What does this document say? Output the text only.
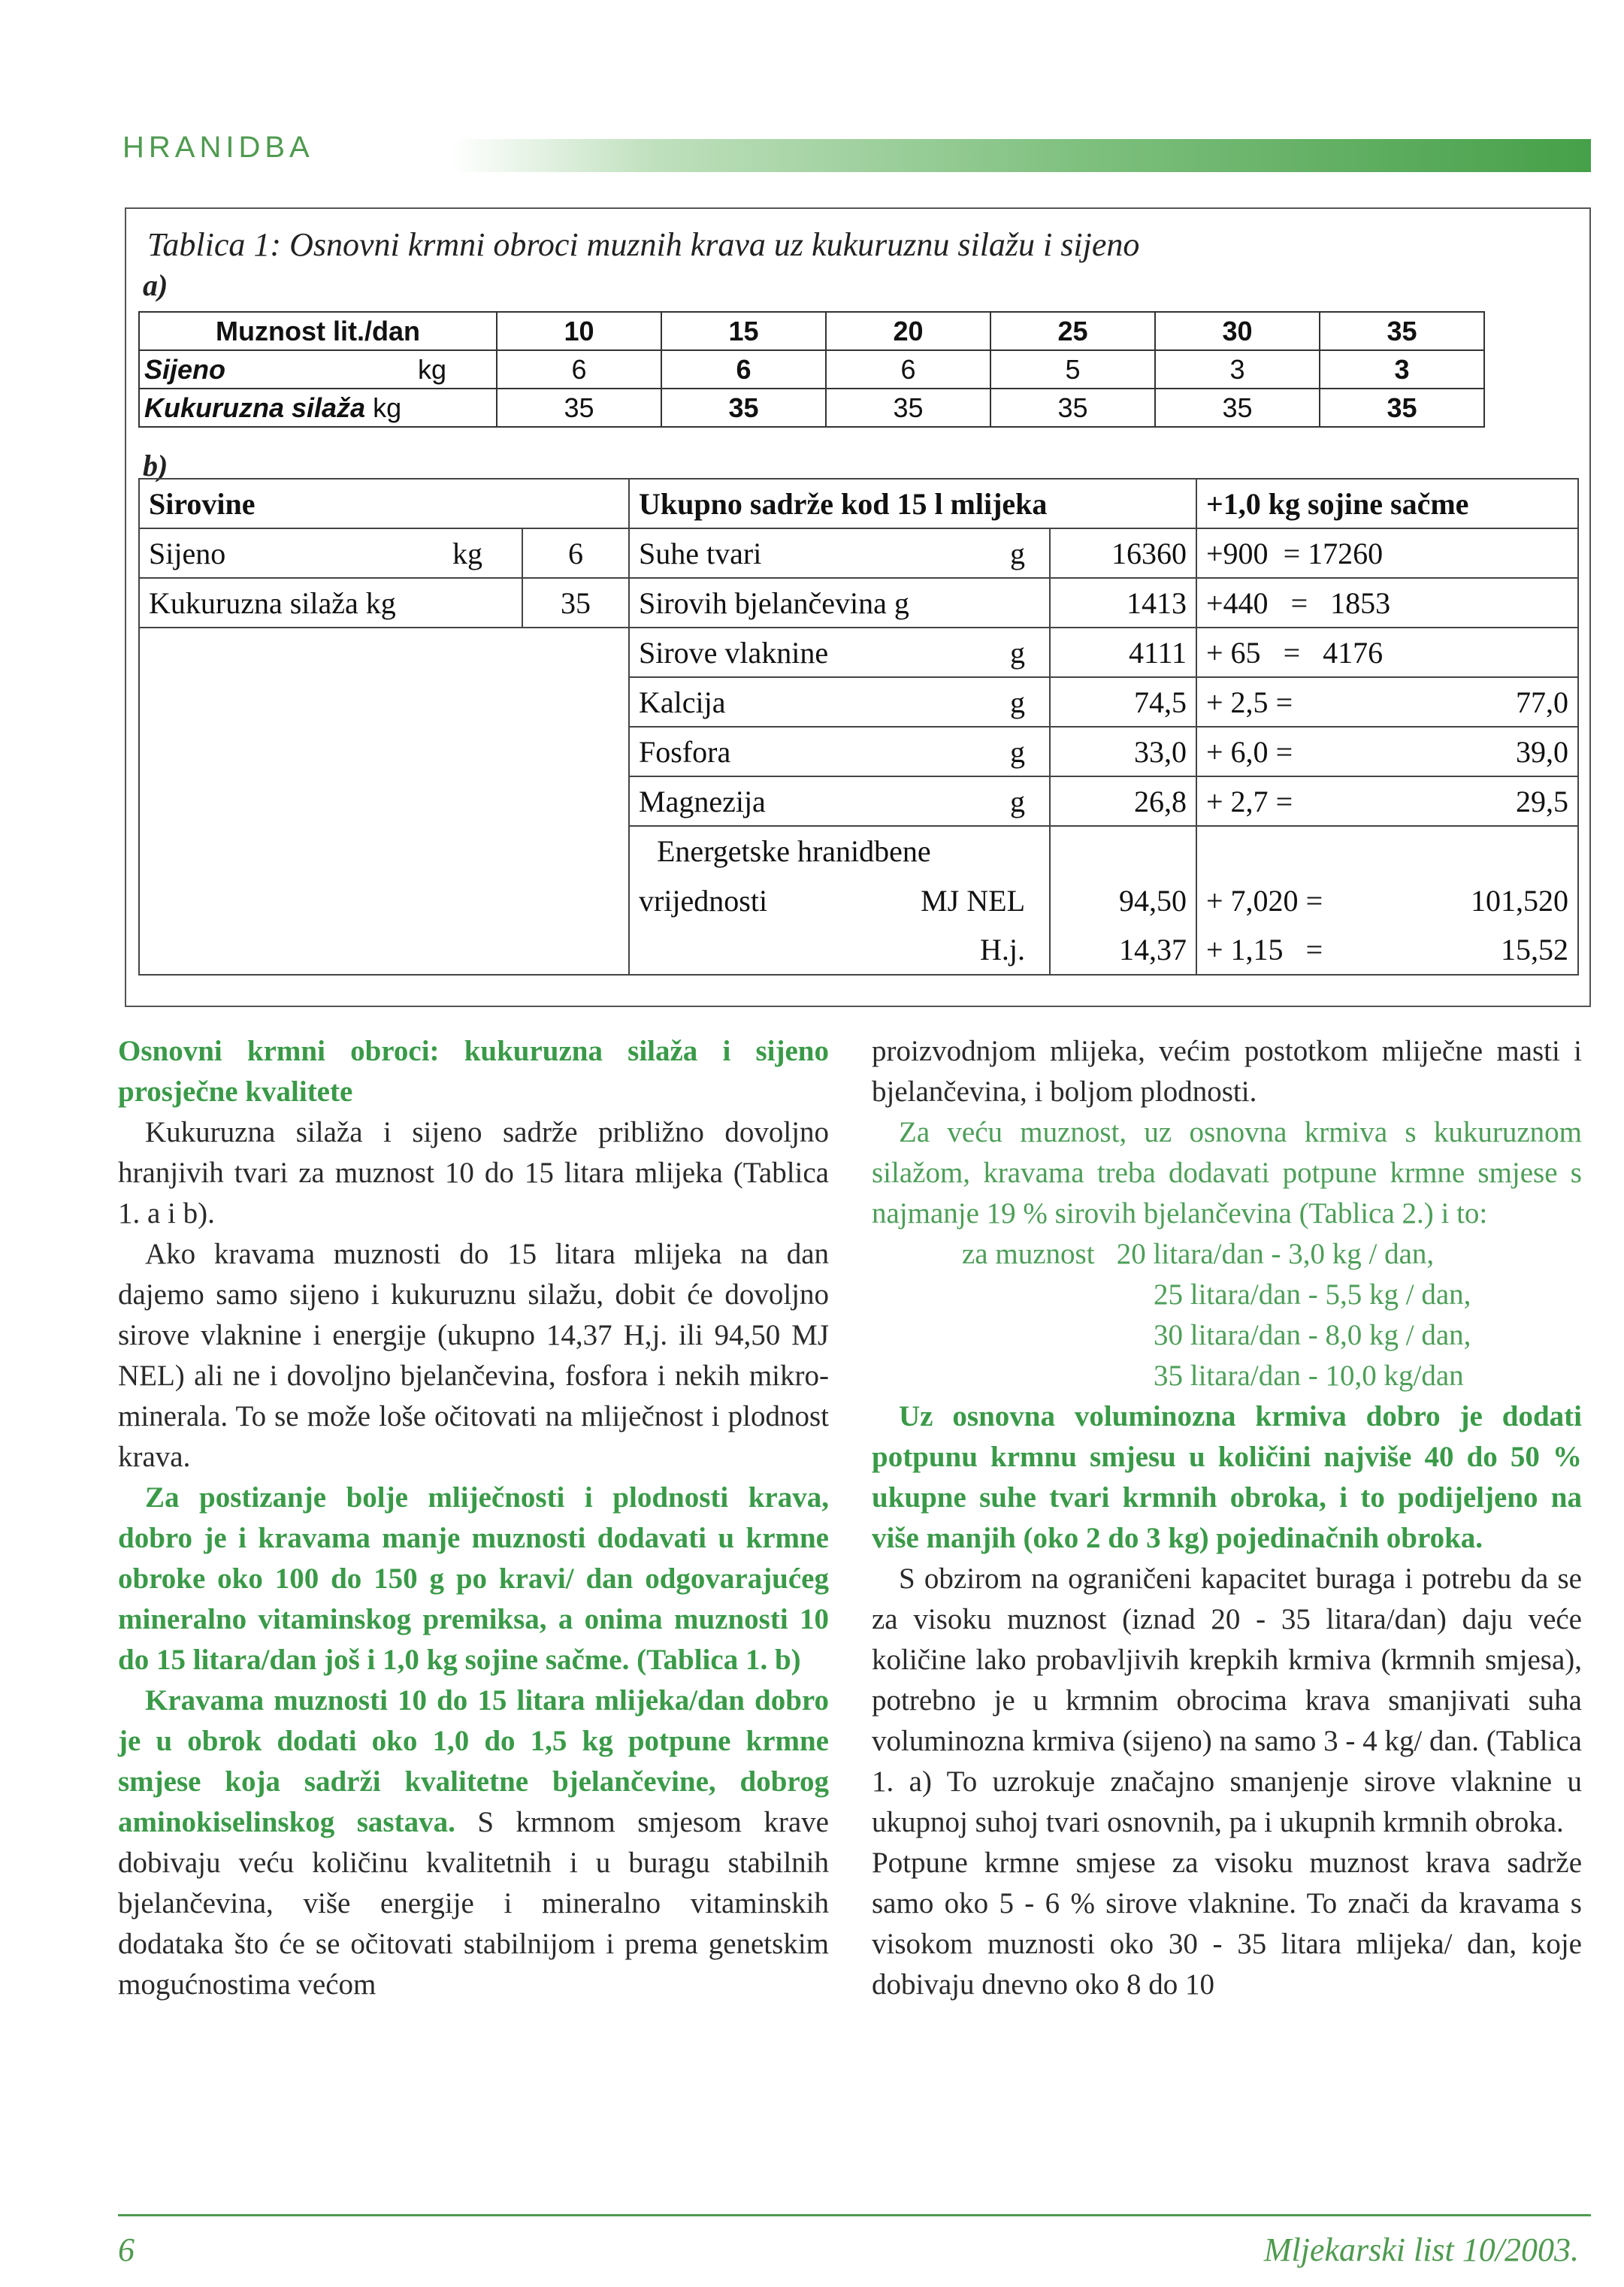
HRANIDBA
Tablica 1: Osnovni krmni obroci muznih krava uz kukuruznu silažu i sijeno
a)
Muznost lit./dan	10	15	20	25	30	35
Sijeno kg	6	6	6	5	3	3
Kukuruzna silaža kg	35	35	35	35	35	35
b)
Sirovine		Ukupno sadrže kod 15 l mlijeka		+1,0 kg sojine sačme
Sijeno kg	6	Suhe tvari g	16360	+900 = 17260
Kukuruzna silaža kg	35	Sirovih bjelančevina g	1413	+440 = 1853
		Sirove vlaknine g	4111	+ 65 = 4176
		Kalcija g	74,5	+ 2,5 = 77,0

		Fosfora g	33,0	+ 6,0 = 39,0

		Magnezija g	26,8	+ 2,7 = 29,5

		Energetske hranidbene		
		vrijednosti MJ NEL	94,50	+ 7,020 = 101,520

		H.j.	14,37	+ 1,15 = 15,52

Osnovni krmni obroci: kukuruzna silaža i sijeno prosječne kvalitete

Kukuruzna silaža i sijeno sadrže približno dovoljno hranjivih tvari za muznost 10 do 15 litara mlijeka (Tablica 1. a i b).

Ako kravama muznosti do 15 litara mlijeka na dan dajemo samo sijeno i kukuruznu silažu, dobit će dovoljno sirove vlaknine i energije (ukupno 14,37 H,j. ili 94,50 MJ NEL) ali ne i dovoljno bjelančevina, fosfora i nekih mikro-minerala. To se može loše očitovati na mliječnost i plodnost krava.

Za postizanje bolje mliječnosti i plodnosti krava, dobro je i kravama manje muznosti dodavati u krmne obroke oko 100 do 150 g po kravi/ dan odgovarajućeg mineralno vitaminskog premiksa, a onima muznosti 10 do 15 litara/dan još i 1,0 kg sojine sačme. (Tablica 1. b)

Kravama muznosti 10 do 15 litara mlijeka/dan dobro je u obrok dodati oko 1,0 do 1,5 kg potpune krmne smjese koja sadrži kvalitetne bjelančevine, dobrog aminokiselinskog sastava. S krmnom smjesom krave dobivaju veću količinu kvalitetnih i u buragu stabilnih bjelančevina, više energije i mineralno vitaminskih dodataka što će se očitovati stabilnijom i prema genetskim mogućnostima većom

proizvodnjom mlijeka, većim postotkom mliječne masti i bjelančevina, i boljom plodnosti.

Za veću muznost, uz osnovna krmiva s kukuruznom silažom, kravama treba dodavati potpune krmne smjese s najmanje 19 % sirovih bjelančevina (Tablica 2.) i to:

za muznost 20 litara/dan - 3,0 kg / dan,
25 litara/dan - 5,5 kg / dan,
30 litara/dan - 8,0 kg / dan,
35 litara/dan - 10,0 kg/dan

Uz osnovna voluminozna krmiva dobro je dodati potpunu krmnu smjesu u količini najviše 40 do 50 % ukupne suhe tvari krmnih obroka, i to podijeljeno na više manjih (oko 2 do 3 kg) pojedinačnih obroka.

S obzirom na ograničeni kapacitet buraga i potrebu da se za visoku muznost (iznad 20 - 35 litara/dan) daju veće količine lako probavljivih krepkih krmiva (krmnih smjesa), potrebno je u krmnim obrocima krava smanjivati suha voluminozna krmiva (sijeno) na samo 3 - 4 kg/ dan. (Tablica 1. a) To uzrokuje značajno smanjenje sirove vlaknine u ukupnoj suhoj tvari osnovnih, pa i ukupnih krmnih obroka.

Potpune krmne smjese za visoku muznost krava sadrže samo oko 5 - 6 % sirove vlaknine. To znači da kravama s visokom muznosti oko 30 - 35 litara mlijeka/ dan, koje dobivaju dnevno oko 8 do 10

6	Mljekarski list 10/2003.
